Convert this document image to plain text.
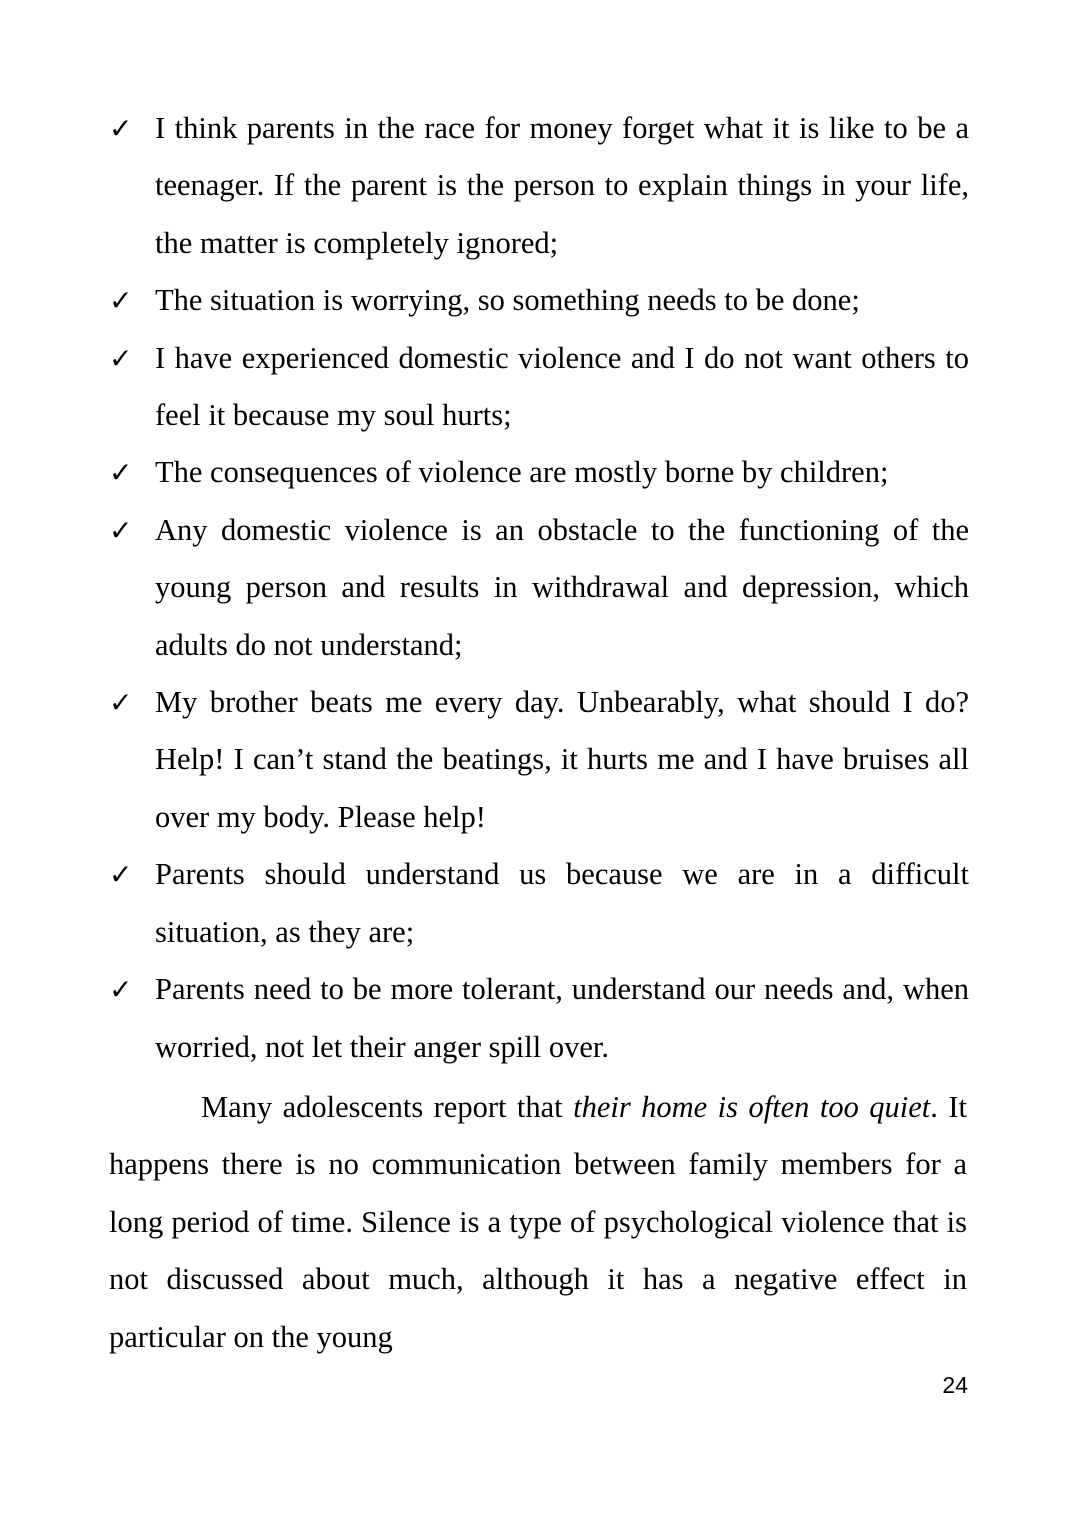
✓ I think parents in the race for money forget what it is like to be a teenager. If the parent is the person to explain things in your life, the matter is completely ignored;
✓ The situation is worrying, so something needs to be done;
✓ I have experienced domestic violence and I do not want others to feel it because my soul hurts;
✓ The consequences of violence are mostly borne by children;
✓ Any domestic violence is an obstacle to the functioning of the young person and results in withdrawal and depression, which adults do not understand;
✓ My brother beats me every day. Unbearably, what should I do? Help! I can’t stand the beatings, it hurts me and I have bruises all over my body. Please help!
✓ Parents should understand us because we are in a difficult situation, as they are;
✓ Parents need to be more tolerant, understand our needs and, when worried, not let their anger spill over.

Many adolescents report that their home is often too quiet. It happens there is no communication between family members for a long period of time. Silence is a type of psychological violence that is not discussed about much, although it has a negative effect in particular on the young

24
